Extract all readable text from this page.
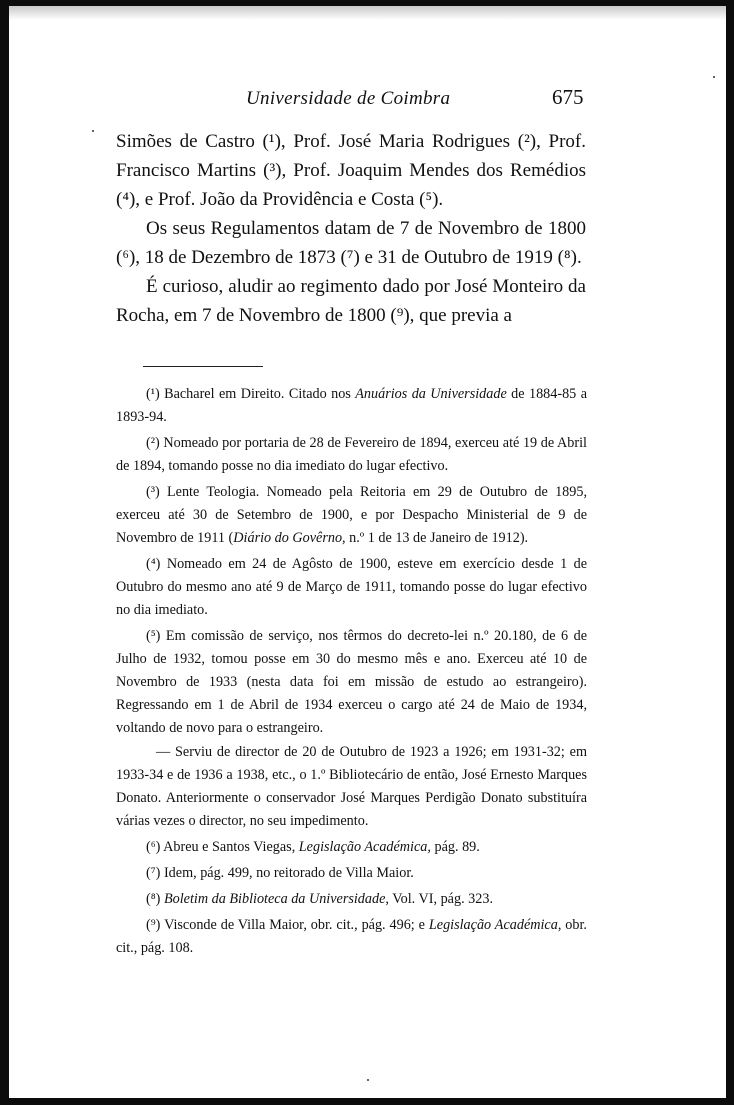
Universidade de Coimbra	675

Simões de Castro (¹), Prof. José Maria Rodrigues (²), Prof. Francisco Martins (³), Prof. Joaquim Mendes dos Remédios (⁴), e Prof. João da Providência e Costa (⁵).

Os seus Regulamentos datam de 7 de Novembro de 1800 (⁶), 18 de Dezembro de 1873 (⁷) e 31 de Outubro de 1919 (⁸).

É curioso, aludir ao regimento dado por José Monteiro da Rocha, em 7 de Novembro de 1800 (⁹), que previa a

(¹) Bacharel em Direito. Citado nos Anuários da Universidade de 1884-85 a 1893-94.

(²) Nomeado por portaria de 28 de Fevereiro de 1894, exerceu até 19 de Abril de 1894, tomando posse no dia imediato do lugar efectivo.

(³) Lente Teologia. Nomeado pela Reitoria em 29 de Outubro de 1895, exerceu até 30 de Setembro de 1900, e por Despacho Ministerial de 9 de Novembro de 1911 (Diário do Govêrno, n.º 1 de 13 de Janeiro de 1912).

(⁴) Nomeado em 24 de Agôsto de 1900, esteve em exercício desde 1 de Outubro do mesmo ano até 9 de Março de 1911, tomando posse do lugar efectivo no dia imediato.

(⁵) Em comissão de serviço, nos têrmos do decreto-lei n.º 20.180, de 6 de Julho de 1932, tomou posse em 30 do mesmo mês e ano. Exerceu até 10 de Novembro de 1933 (nesta data foi em missão de estudo ao estrangeiro). Regressando em 1 de Abril de 1934 exerceu o cargo até 24 de Maio de 1934, voltando de novo para o estrangeiro.

— Serviu de director de 20 de Outubro de 1923 a 1926; em 1931-32; em 1933-34 e de 1936 a 1938, etc., o 1.º Bibliotecário de então, José Ernesto Marques Donato. Anteriormente o conservador José Marques Perdigão Donato substituíra várias vezes o director, no seu impedimento.

(⁶) Abreu e Santos Viegas, Legislação Académica, pág. 89.

(⁷) Idem, pág. 499, no reitorado de Villa Maior.

(⁸) Boletim da Biblioteca da Universidade, Vol. VI, pág. 323.

(⁹) Visconde de Villa Maior, obr. cit., pág. 496; e Legislação Académica, obr. cit., pág. 108.
